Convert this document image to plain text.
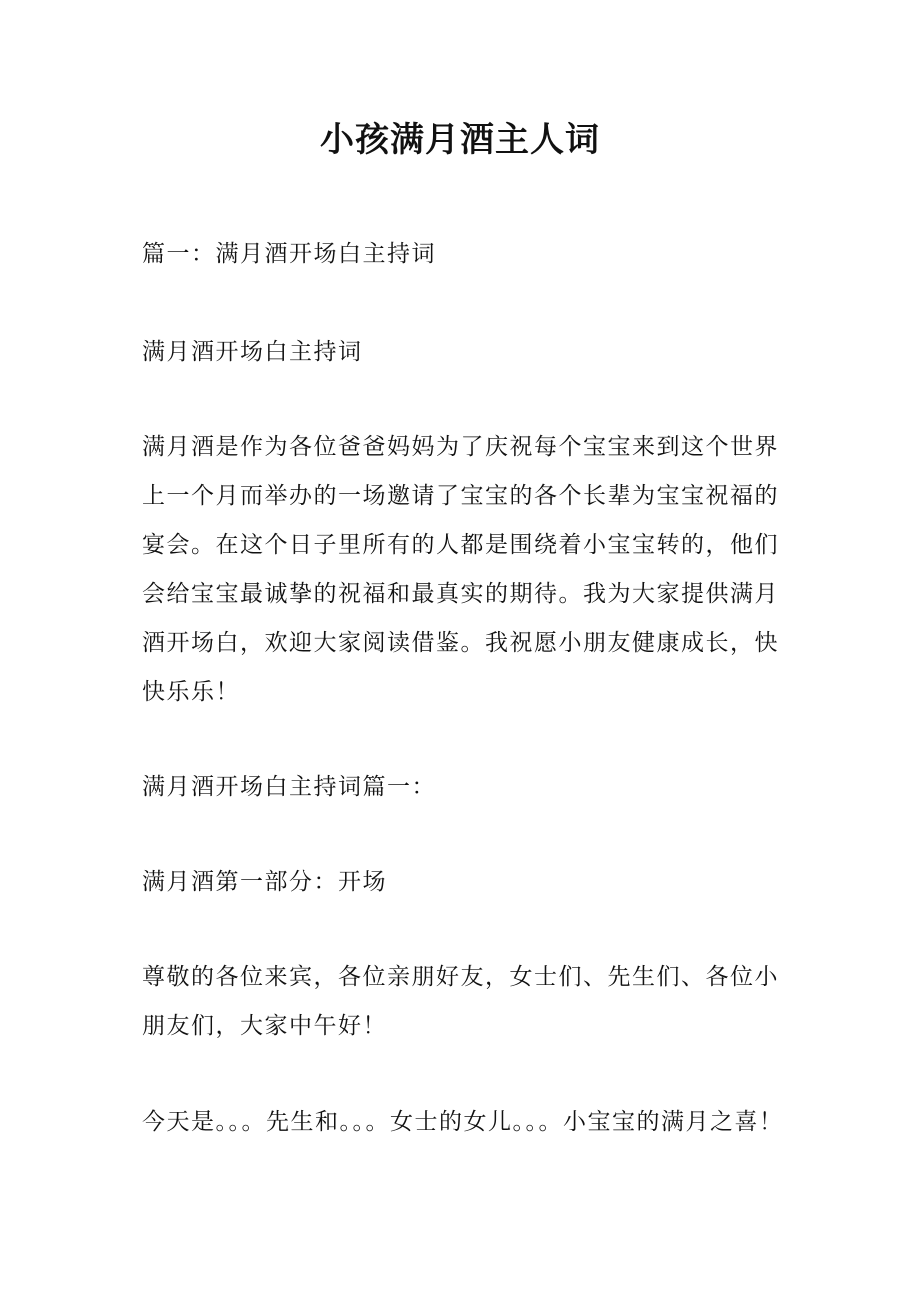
小孩满月酒主人词

篇一：满月酒开场白主持词

满月酒开场白主持词

满月酒是作为各位爸爸妈妈为了庆祝每个宝宝来到这个世界上一个月而举办的一场邀请了宝宝的各个长辈为宝宝祝福的宴会。在这个日子里所有的人都是围绕着小宝宝转的，他们会给宝宝最诚挚的祝福和最真实的期待。我为大家提供满月酒开场白，欢迎大家阅读借鉴。我祝愿小朋友健康成长，快快乐乐！

满月酒开场白主持词篇一：

满月酒第一部分：开场

尊敬的各位来宾，各位亲朋好友，女士们、先生们、各位小朋友们，大家中午好！

今天是。。。先生和。。。女士的女儿。。。小宝宝的满月之喜！
